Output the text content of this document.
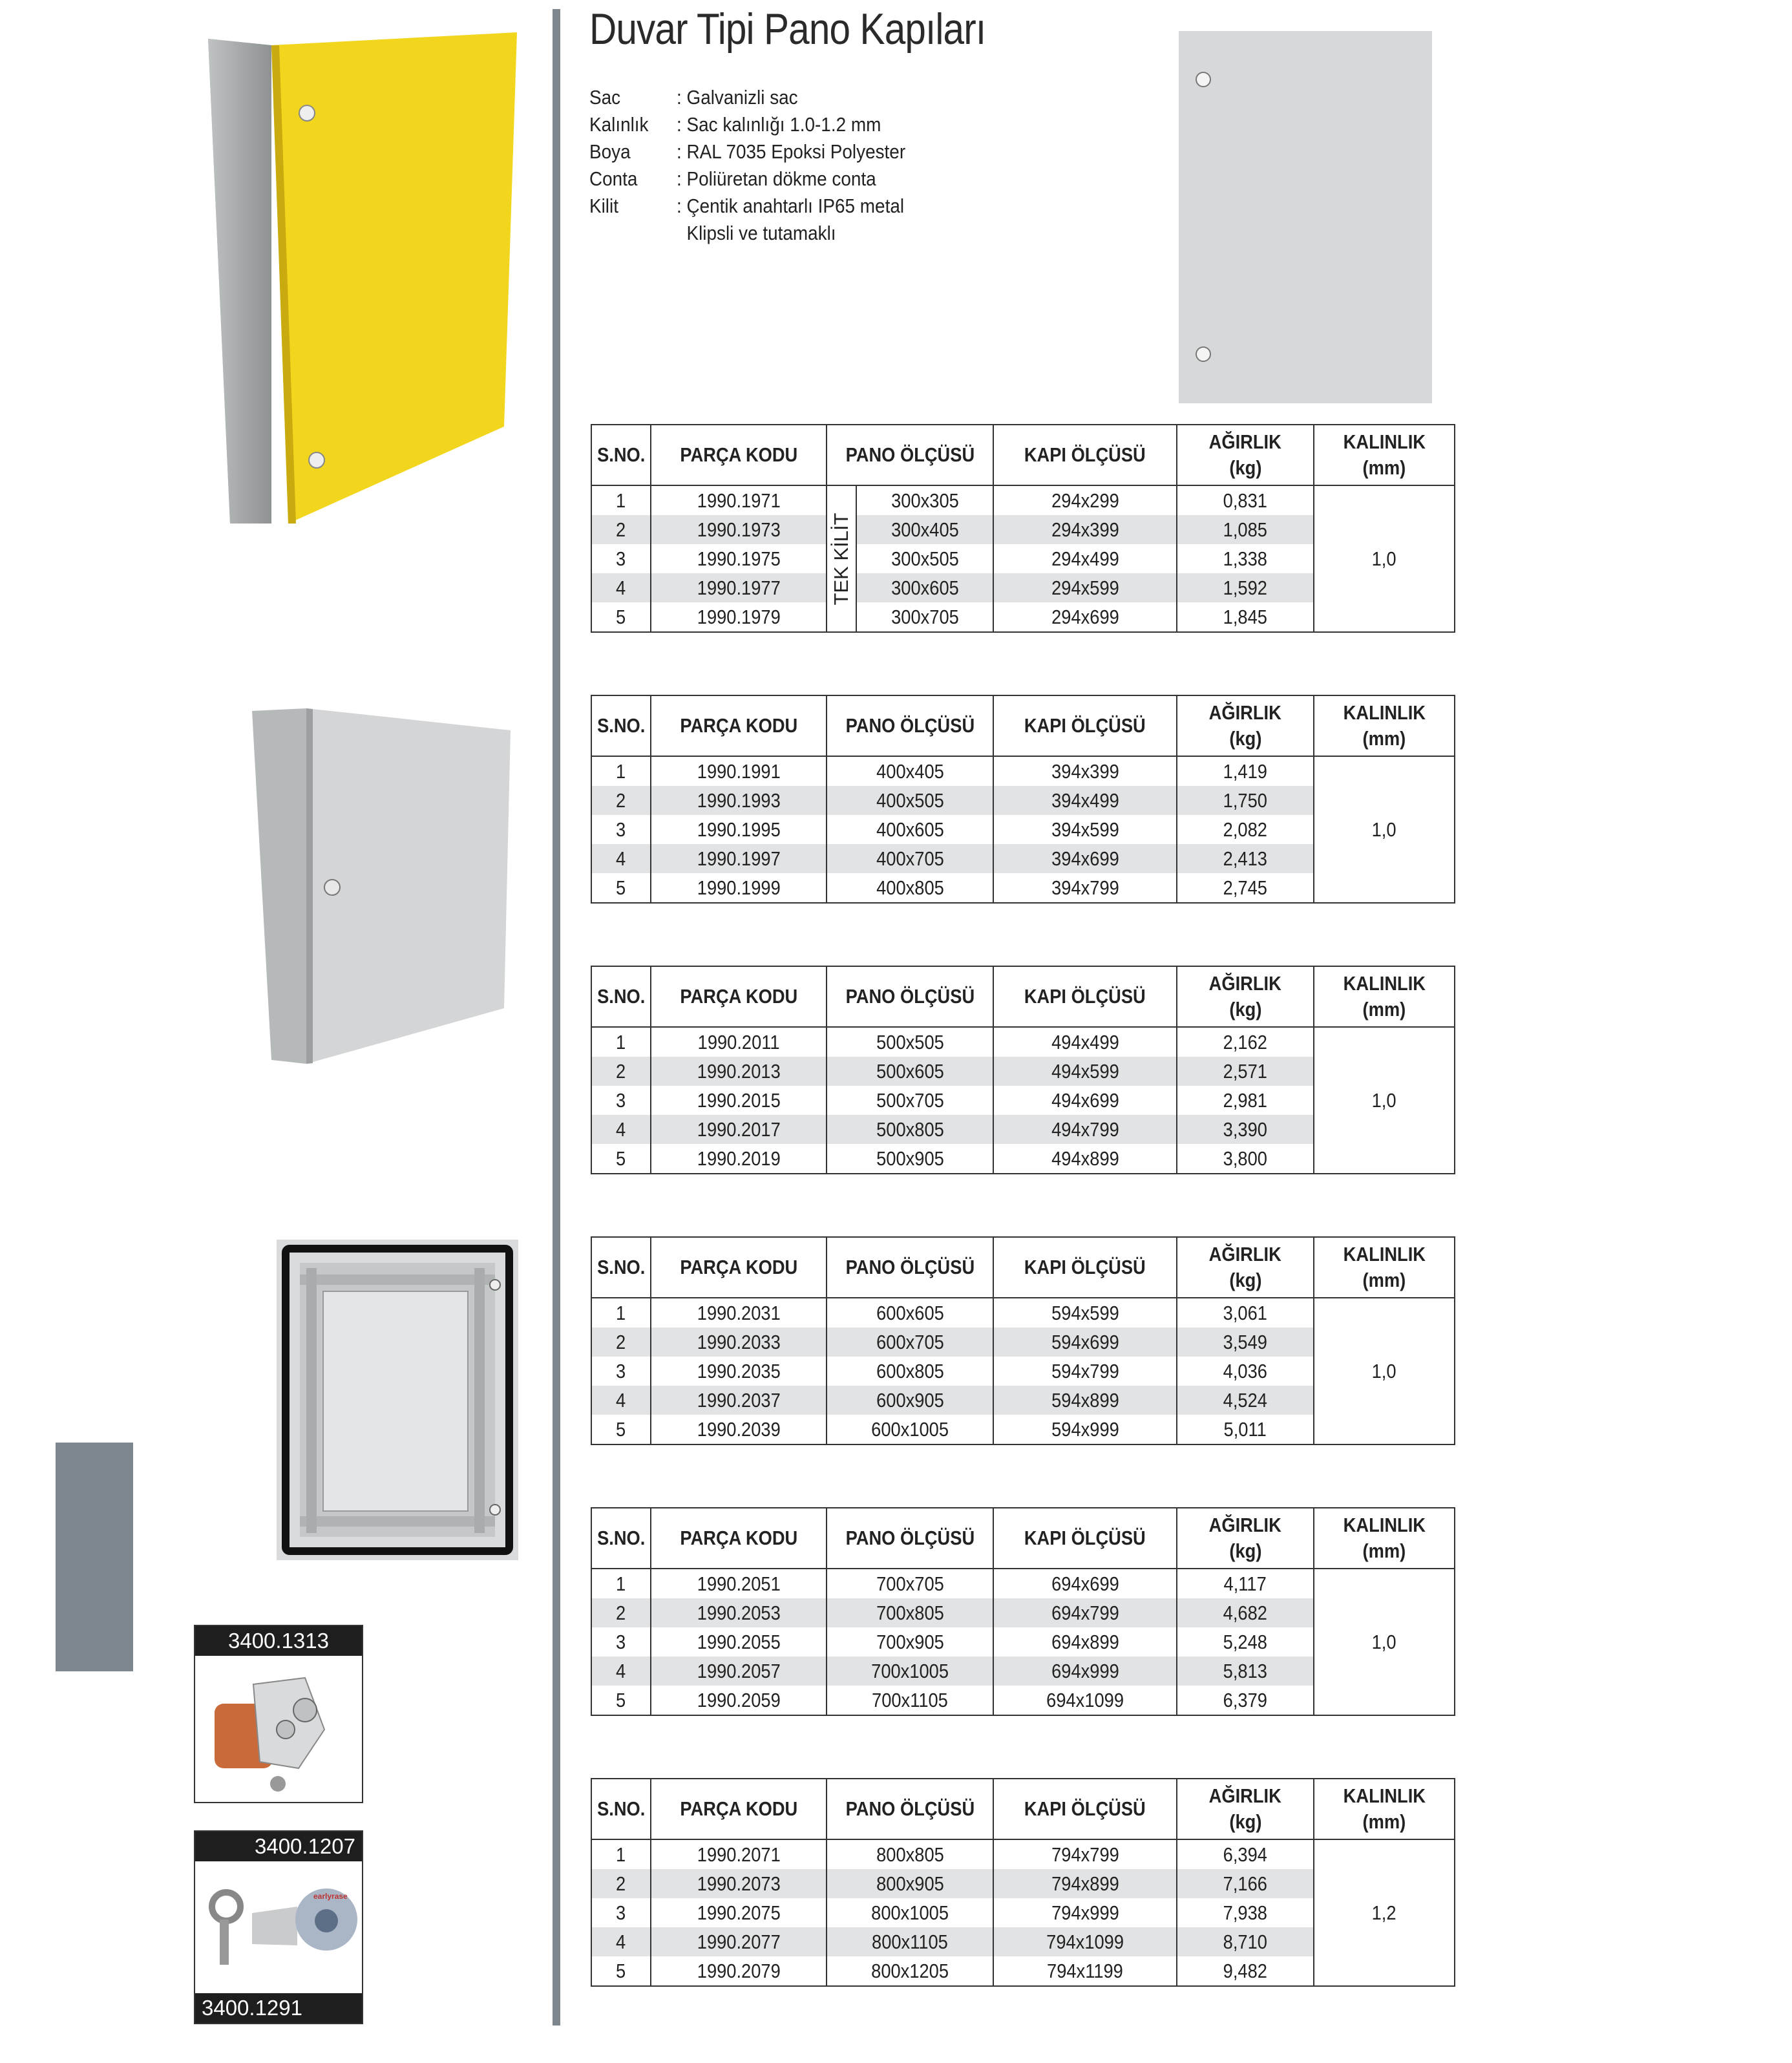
Duvar Tipi Pano Kapıları
Sac	: Galvanizli sac
Kalınlık	: Sac kalınlığı 1.0-1.2 mm
Boya	: RAL 7035 Epoksi Polyester
Conta	: Poliüretan dökme conta
Kilit	: Çentik anahtarlı IP65 metal
Klipsli ve tutamaklı
3400.1313
3400.1207
earlyrase
3400.1291
S.NO.	PARÇA KODU	PANO ÖLÇÜSÜ		KAPI ÖLÇÜSÜ	AĞIRLIK
(kg)	KALINLIK
(mm)
1	1990.1971	TEK KİLİT	300x305	294x299	0,831	1,0
2	1990.1973		300x405	294x399	1,085	
3	1990.1975		300x505	294x499	1,338	
4	1990.1977		300x605	294x599	1,592	
5	1990.1979		300x705	294x699	1,845	
S.NO.	PARÇA KODU	PANO ÖLÇÜSÜ	KAPI ÖLÇÜSÜ	AĞIRLIK
(kg)	KALINLIK
(mm)
1	1990.1991	400x405	394x399	1,419	1,0
2	1990.1993	400x505	394x499	1,750	
3	1990.1995	400x605	394x599	2,082	
4	1990.1997	400x705	394x699	2,413	
5	1990.1999	400x805	394x799	2,745	
S.NO.	PARÇA KODU	PANO ÖLÇÜSÜ	KAPI ÖLÇÜSÜ	AĞIRLIK
(kg)	KALINLIK
(mm)
1	1990.2011	500x505	494x499	2,162	1,0
2	1990.2013	500x605	494x599	2,571	
3	1990.2015	500x705	494x699	2,981	
4	1990.2017	500x805	494x799	3,390	
5	1990.2019	500x905	494x899	3,800	
S.NO.	PARÇA KODU	PANO ÖLÇÜSÜ	KAPI ÖLÇÜSÜ	AĞIRLIK
(kg)	KALINLIK
(mm)
1	1990.2031	600x605	594x599	3,061	1,0
2	1990.2033	600x705	594x699	3,549	
3	1990.2035	600x805	594x799	4,036	
4	1990.2037	600x905	594x899	4,524	
5	1990.2039	600x1005	594x999	5,011	
S.NO.	PARÇA KODU	PANO ÖLÇÜSÜ	KAPI ÖLÇÜSÜ	AĞIRLIK
(kg)	KALINLIK
(mm)
1	1990.2051	700x705	694x699	4,117	1,0
2	1990.2053	700x805	694x799	4,682	
3	1990.2055	700x905	694x899	5,248	
4	1990.2057	700x1005	694x999	5,813	
5	1990.2059	700x1105	694x1099	6,379	
S.NO.	PARÇA KODU	PANO ÖLÇÜSÜ	KAPI ÖLÇÜSÜ	AĞIRLIK
(kg)	KALINLIK
(mm)
1	1990.2071	800x805	794x799	6,394	1,2
2	1990.2073	800x905	794x899	7,166	
3	1990.2075	800x1005	794x999	7,938	
4	1990.2077	800x1105	794x1099	8,710	
5	1990.2079	800x1205	794x1199	9,482	
